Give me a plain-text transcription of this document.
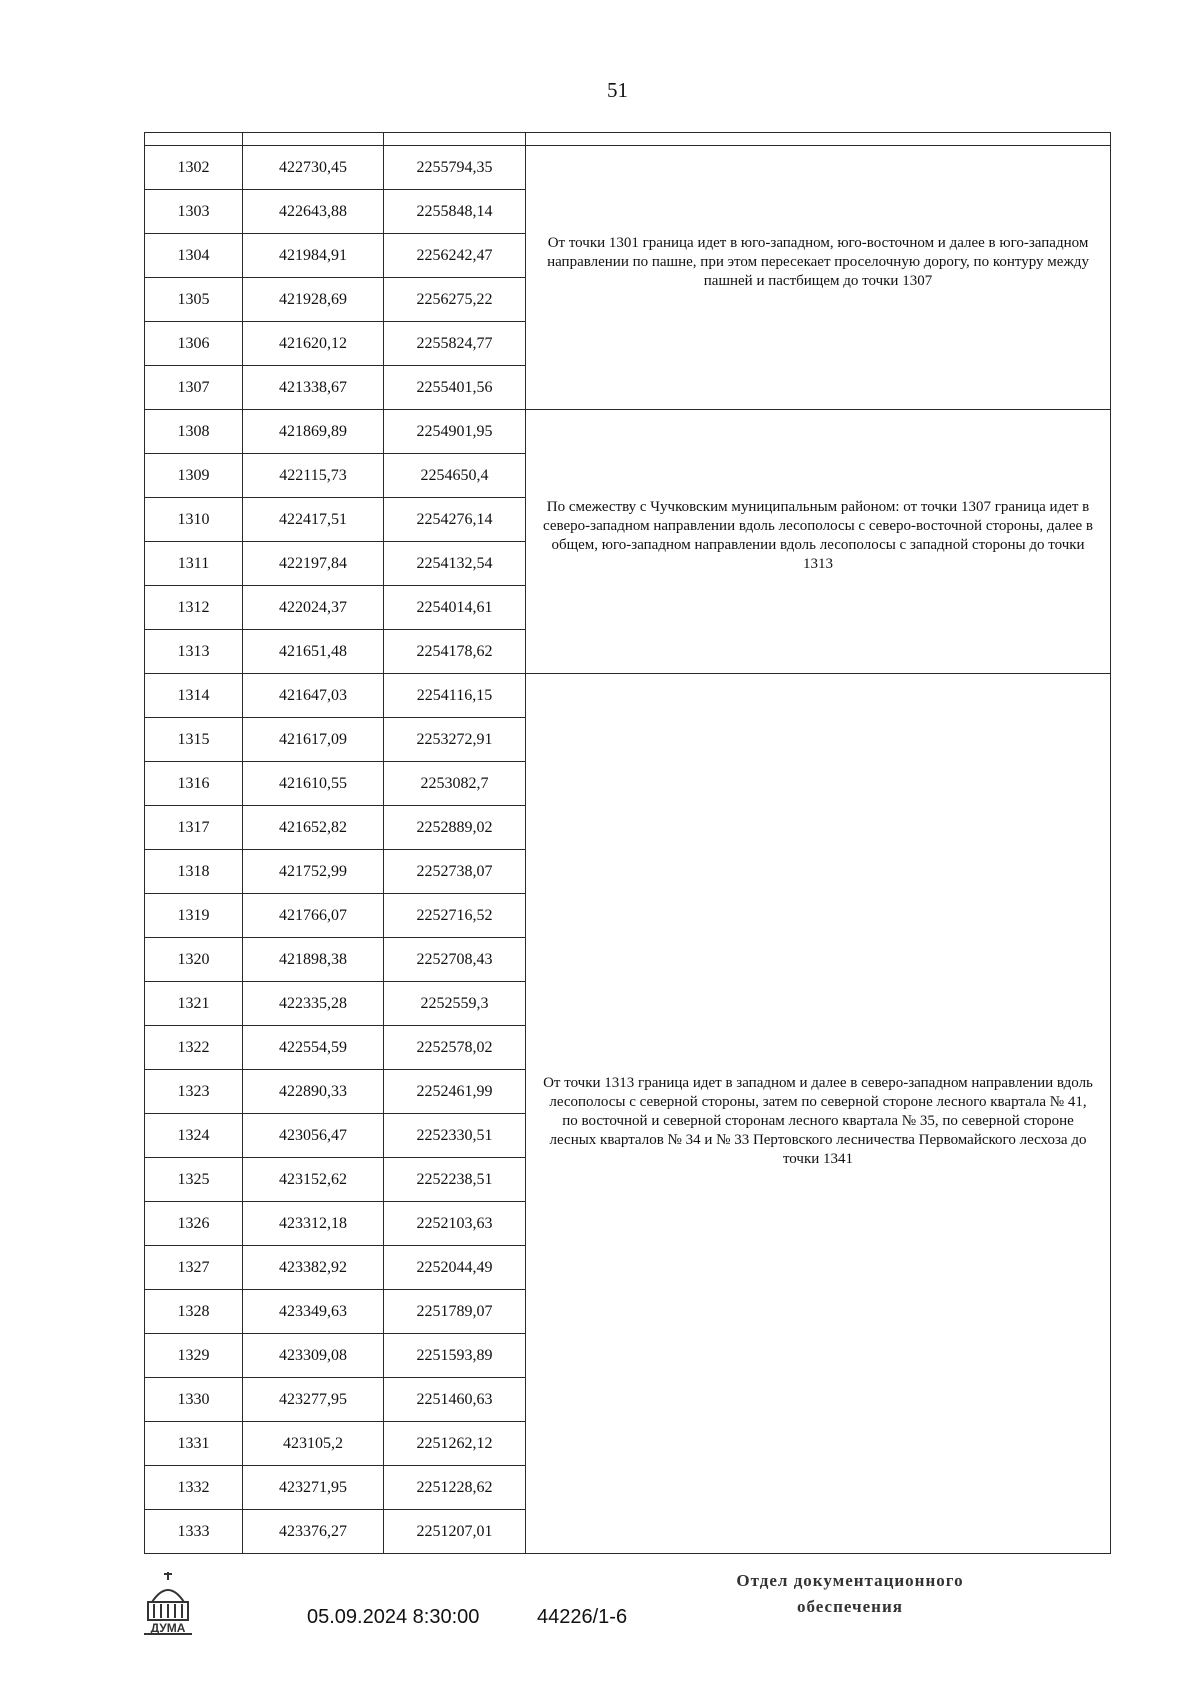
51

1302	422730,45	2255794,35	От точки 1301 граница идет в юго-западном, юго-восточном и далее в юго-западном направлении по пашне, при этом пересекает проселочную дорогу, по контуру между пашней и пастбищем до точки 1307
1303	422643,88	2255848,14	
1304	421984,91	2256242,47	
1305	421928,69	2256275,22	
1306	421620,12	2255824,77	
1307	421338,67	2255401,56	
1308	421869,89	2254901,95	По смежеству с Чучковским муниципальным районом: от точки 1307 граница идет в северо-западном направлении вдоль лесополосы с северо-восточной стороны, далее в общем, юго-западном направлении вдоль лесополосы с западной стороны до точки 1313
1309	422115,73	2254650,4	
1310	422417,51	2254276,14	
1311	422197,84	2254132,54	
1312	422024,37	2254014,61	
1313	421651,48	2254178,62	
1314	421647,03	2254116,15	От точки 1313 граница идет в западном и далее в северо-западном направлении вдоль лесополосы с северной стороны, затем по северной стороне лесного квартала № 41, по восточной и северной сторонам лесного квартала № 35, по северной стороне лесных кварталов № 34 и № 33 Пертовского лесничества Первомайского лесхоза до точки 1341
1315	421617,09	2253272,91	
1316	421610,55	2253082,7	
1317	421652,82	2252889,02	
1318	421752,99	2252738,07	
1319	421766,07	2252716,52	
1320	421898,38	2252708,43	
1321	422335,28	2252559,3	
1322	422554,59	2252578,02	
1323	422890,33	2252461,99	
1324	423056,47	2252330,51	
1325	423152,62	2252238,51	
1326	423312,18	2252103,63	
1327	423382,92	2252044,49	
1328	423349,63	2251789,07	
1329	423309,08	2251593,89	
1330	423277,95	2251460,63	
1331	423105,2	2251262,12	
1332	423271,95	2251228,62	
1333	423376,27	2251207,01	
ДУМА	05.09.2024 8:30:00	44226/1-6
Отдел документационного
обеспечения
